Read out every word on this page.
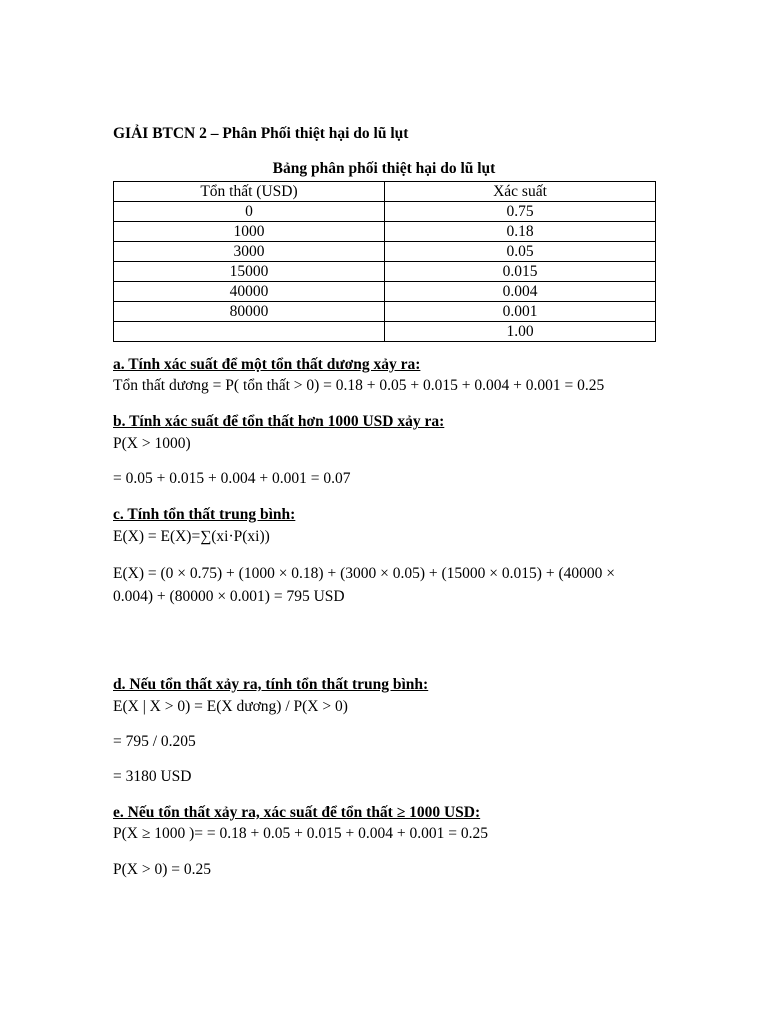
GIẢI BTCN 2 – Phân Phối thiệt hại do lũ lụt
Bảng phân phối thiệt hại do lũ lụt
Tổn thất (USD)	Xác suất
0	0.75
1000	0.18
3000	0.05
15000	0.015
40000	0.004
80000	0.001
	1.00
a. Tính xác suất để một tổn thất dương xảy ra:
Tổn thất dương = P( tổn thất > 0) = 0.18 + 0.05 + 0.015 + 0.004 + 0.001 = 0.25
b. Tính xác suất để tổn thất hơn 1000 USD xảy ra:
P(X > 1000)
= 0.05 + 0.015 + 0.004 + 0.001 = 0.07
c. Tính tổn thất trung bình:
E(X) = E(X)=∑(xi·P(xi))
E(X) = (0 × 0.75) + (1000 × 0.18) + (3000 × 0.05) + (15000 × 0.015) + (40000 × 0.004) + (80000 × 0.001) = 795 USD
d. Nếu tổn thất xảy ra, tính tổn thất trung bình:
E(X | X > 0) = E(X dương) / P(X > 0)
= 795 / 0.205
= 3180 USD
e. Nếu tổn thất xảy ra, xác suất để tổn thất ≥ 1000 USD:
P(X ≥ 1000 )= = 0.18 + 0.05 + 0.015 + 0.004 + 0.001 = 0.25
P(X > 0) = 0.25
